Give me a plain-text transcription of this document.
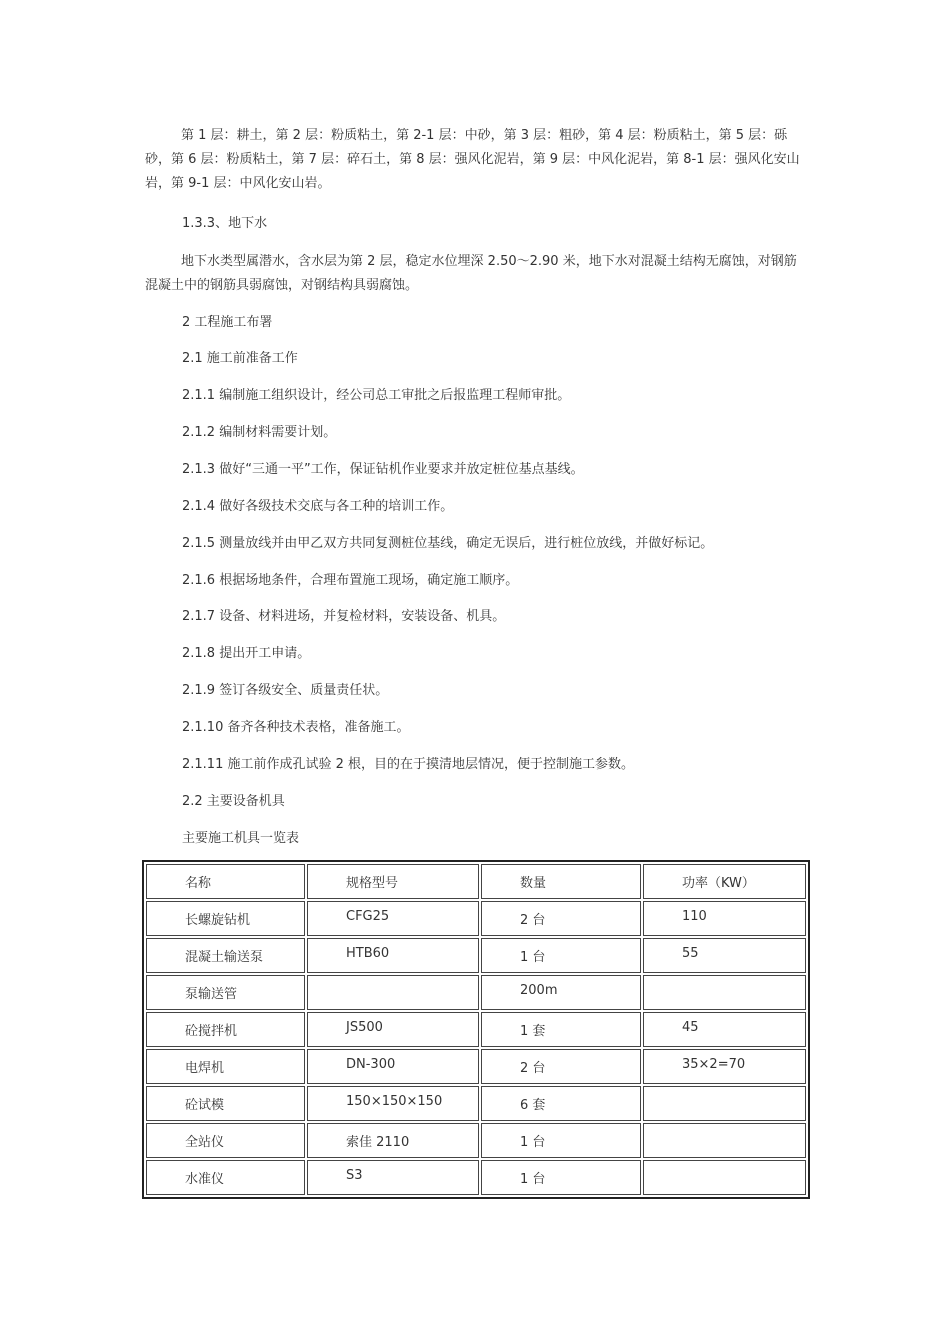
第 1 层：耕土，第 2 层：粉质粘土，第 2-1 层：中砂，第 3 层：粗砂，第 4 层：粉质粘土，第 5 层：砾砂，第 6 层：粉质粘土，第 7 层：碎石土，第 8 层：强风化泥岩，第 9 层：中风化泥岩，第 8-1 层：强风化安山岩，第 9-1 层：中风化安山岩。

1.3.3、地下水

地下水类型属潜水，含水层为第 2 层，稳定水位埋深 2.50～2.90 米，地下水对混凝土结构无腐蚀，对钢筋混凝土中的钢筋具弱腐蚀，对钢结构具弱腐蚀。

2 工程施工布署

2.1 施工前准备工作

2.1.1 编制施工组织设计，经公司总工审批之后报监理工程师审批。

2.1.2 编制材料需要计划。

2.1.3 做好“三通一平”工作，保证钻机作业要求并放定桩位基点基线。

2.1.4 做好各级技术交底与各工种的培训工作。

2.1.5 测量放线并由甲乙双方共同复测桩位基线，确定无误后，进行桩位放线，并做好标记。

2.1.6 根据场地条件，合理布置施工现场，确定施工顺序。

2.1.7 设备、材料进场，并复检材料，安装设备、机具。

2.1.8 提出开工申请。

2.1.9 签订各级安全、质量责任状。

2.1.10 备齐各种技术表格，准备施工。

2.1.11 施工前作成孔试验 2 根，目的在于摸清地层情况，便于控制施工参数。

2.2 主要设备机具

主要施工机具一览表

名称	规格型号	数量	功率（KW）
长螺旋钻机	CFG25	2 台	110
混凝土输送泵	HTB60	1 台	55
泵输送管		200m	
砼搅拌机	JS500	1 套	45
电焊机	DN-300	2 台	35×2=70
砼试模	150×150×150	6 套	
全站仪	索佳 2110	1 台	
水准仪	S3	1 台	
